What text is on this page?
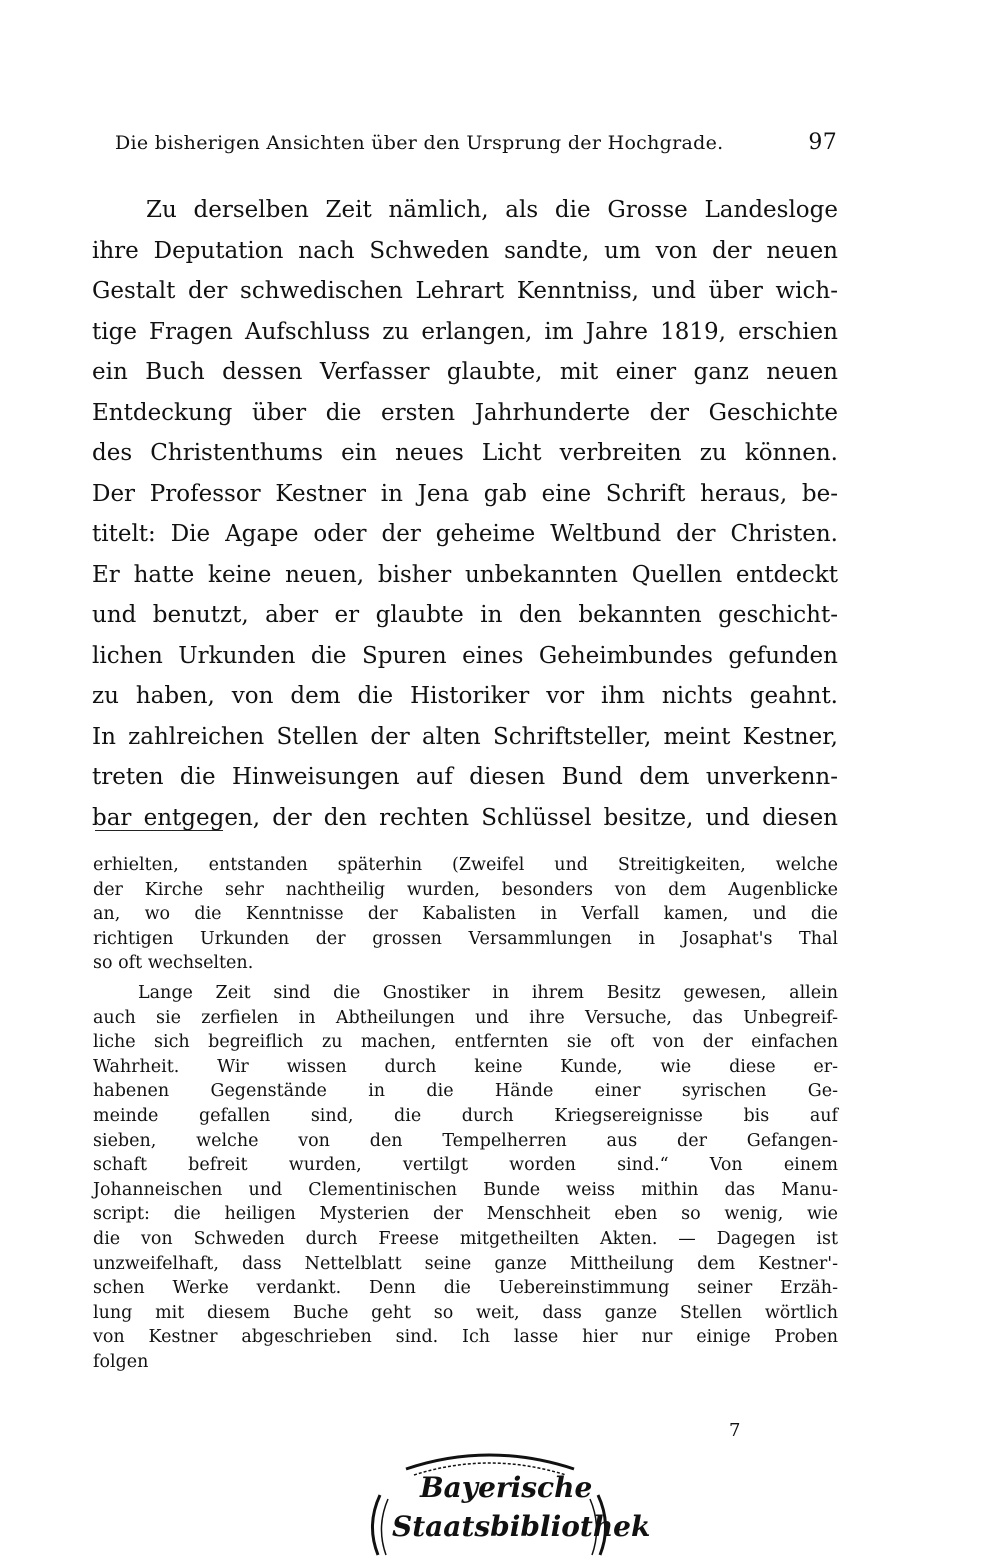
Die bisherigen Ansichten über den Ursprung der Hochgrade.	97
Zu derselben Zeit nämlich, als die Grosse Landesloge
ihre Deputation nach Schweden sandte, um von der neuen
Gestalt der schwedischen Lehrart Kenntniss, und über wich-
tige Fragen Aufschluss zu erlangen, im Jahre 1819, erschien
ein Buch dessen Verfasser glaubte, mit einer ganz neuen
Entdeckung über die ersten Jahrhunderte der Geschichte
des Christenthums ein neues Licht verbreiten zu können.
Der Professor Kestner in Jena gab eine Schrift heraus, be-
titelt: Die Agape oder der geheime Weltbund der Christen.
Er hatte keine neuen, bisher unbekannten Quellen entdeckt
und benutzt, aber er glaubte in den bekannten geschicht-
lichen Urkunden die Spuren eines Geheimbundes gefunden
zu haben, von dem die Historiker vor ihm nichts geahnt.
In zahlreichen Stellen der alten Schriftsteller, meint Kestner,
treten die Hinweisungen auf diesen Bund dem unverkenn-
bar entgegen, der den rechten Schlüssel besitze, und diesen
erhielten, entstanden späterhin (Zweifel und Streitigkeiten, welche
der Kirche sehr nachtheilig wurden, besonders von dem Augenblicke
an, wo die Kenntnisse der Kabalisten in Verfall kamen, und die
richtigen Urkunden der grossen Versammlungen in Josaphat's Thal
so oft wechselten.
Lange Zeit sind die Gnostiker in ihrem Besitz gewesen, allein
auch sie zerfielen in Abtheilungen und ihre Versuche, das Unbegreif-
liche sich begreiflich zu machen, entfernten sie oft von der einfachen
Wahrheit. Wir wissen durch keine Kunde, wie diese er-
habenen Gegenstände in die Hände einer syrischen Ge-
meinde gefallen sind, die durch Kriegsereignisse bis auf
sieben, welche von den Tempelherren aus der Gefangen-
schaft befreit wurden, vertilgt worden sind.“ Von einem
Johanneischen und Clementinischen Bunde weiss mithin das Manu-
script: die heiligen Mysterien der Menschheit eben so wenig, wie
die von Schweden durch Freese mitgetheilten Akten. — Dagegen ist
unzweifelhaft, dass Nettelblatt seine ganze Mittheilung dem Kestner'-
schen Werke verdankt. Denn die Uebereinstimmung seiner Erzäh-
lung mit diesem Buche geht so weit, dass ganze Stellen wörtlich
von Kestner abgeschrieben sind. Ich lasse hier nur einige Proben
folgen
7
Bayerische
Staatsbibliothek
